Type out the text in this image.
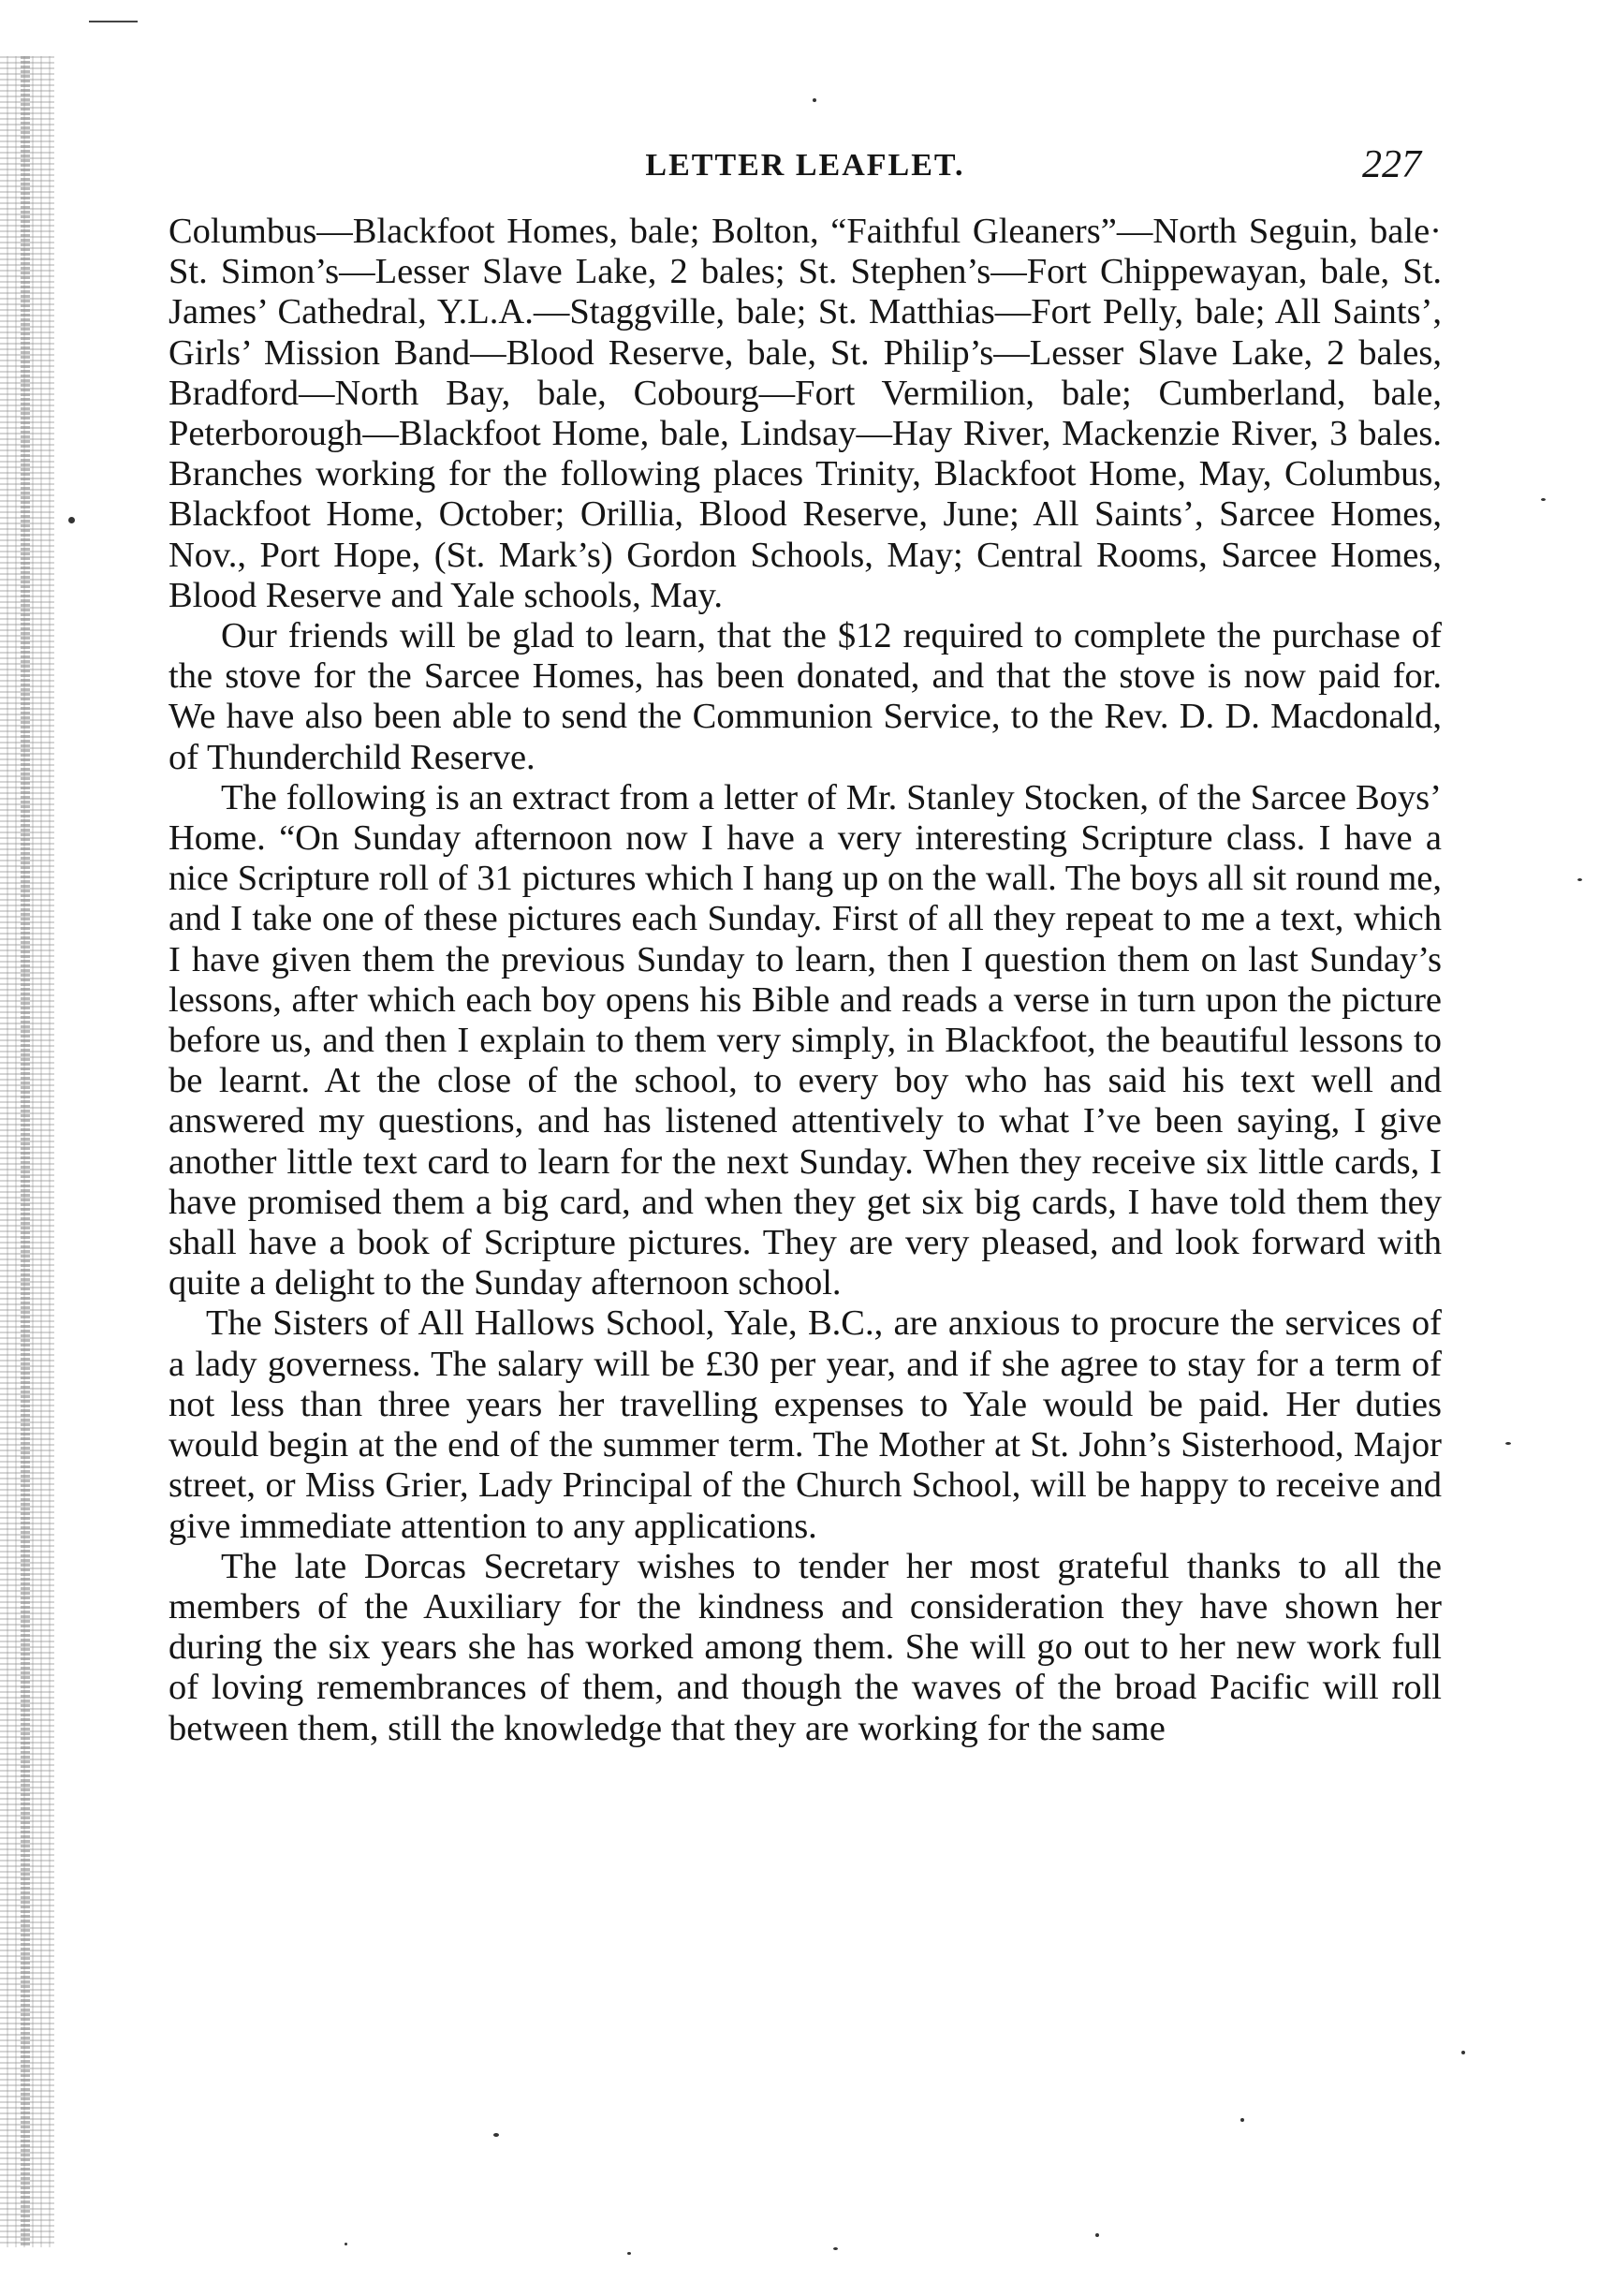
LETTER LEAFLET.	227

Columbus—Blackfoot Homes, bale; Bolton, “Faithful Gleaners”—North Seguin, bale· St. Simon’s—Lesser Slave Lake, 2 bales; St. Stephen’s—Fort Chippewayan, bale, St. James’ Cathedral, Y.L.A.—Staggville, bale; St. Matthias—Fort Pelly, bale; All Saints’, Girls’ Mission Band—Blood Reserve, bale, St. Philip’s—Lesser Slave Lake, 2 bales, Bradford—North Bay, bale, Cobourg—Fort Vermilion, bale; Cumberland, bale, Peterborough—Blackfoot Home, bale, Lindsay—Hay River, Mackenzie River, 3 bales. Branches working for the following places Trinity, Blackfoot Home, May, Columbus, Blackfoot Home, October; Orillia, Blood Reserve, June; All Saints’, Sarcee Homes, Nov., Port Hope, (St. Mark’s) Gordon Schools, May; Central Rooms, Sarcee Homes, Blood Reserve and Yale schools, May.

Our friends will be glad to learn, that the $12 required to complete the purchase of the stove for the Sarcee Homes, has been donated, and that the stove is now paid for. We have also been able to send the Communion Service, to the Rev. D. D. Macdonald, of Thunderchild Reserve.

The following is an extract from a letter of Mr. Stanley Stocken, of the Sarcee Boys’ Home. “On Sunday afternoon now I have a very interesting Scripture class. I have a nice Scripture roll of 31 pictures which I hang up on the wall. The boys all sit round me, and I take one of these pictures each Sunday. First of all they repeat to me a text, which I have given them the previous Sunday to learn, then I question them on last Sunday’s lessons, after which each boy opens his Bible and reads a verse in turn upon the picture before us, and then I explain to them very simply, in Blackfoot, the beautiful lessons to be learnt. At the close of the school, to every boy who has said his text well and answered my questions, and has listened attentively to what I’ve been saying, I give another little text card to learn for the next Sunday. When they receive six little cards, I have promised them a big card, and when they get six big cards, I have told them they shall have a book of Scripture pictures. They are very pleased, and look forward with quite a delight to the Sunday afternoon school.

The Sisters of All Hallows School, Yale, B.C., are anxious to procure the services of a lady governess. The salary will be £30 per year, and if she agree to stay for a term of not less than three years her travelling expenses to Yale would be paid. Her duties would begin at the end of the summer term. The Mother at St. John’s Sisterhood, Major street, or Miss Grier, Lady Principal of the Church School, will be happy to receive and give immediate attention to any applications.

The late Dorcas Secretary wishes to tender her most grateful thanks to all the members of the Auxiliary for the kindness and consideration they have shown her during the six years she has worked among them. She will go out to her new work full of loving remembrances of them, and though the waves of the broad Pacific will roll between them, still the knowledge that they are working for the same
